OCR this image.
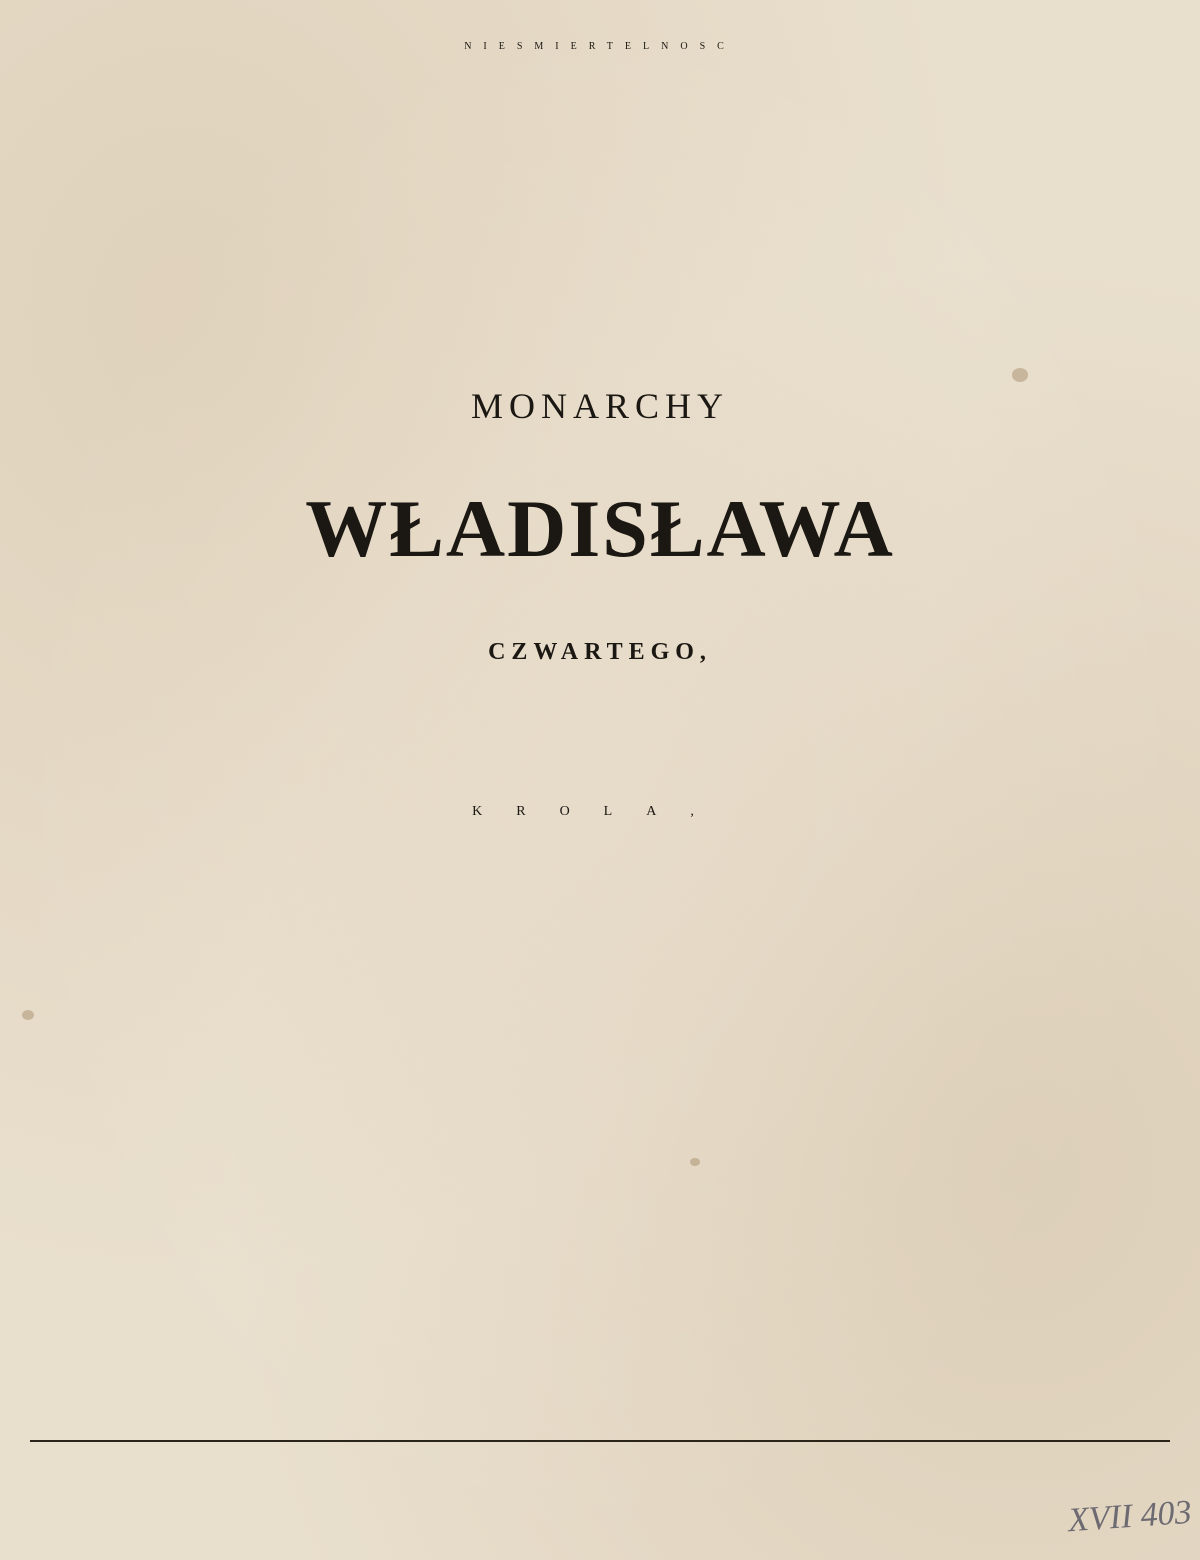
NIESMIERTELNOSC
MONARCHY
WŁADISŁAWA
CZWARTEGO,
KROLA,
XVII 403
